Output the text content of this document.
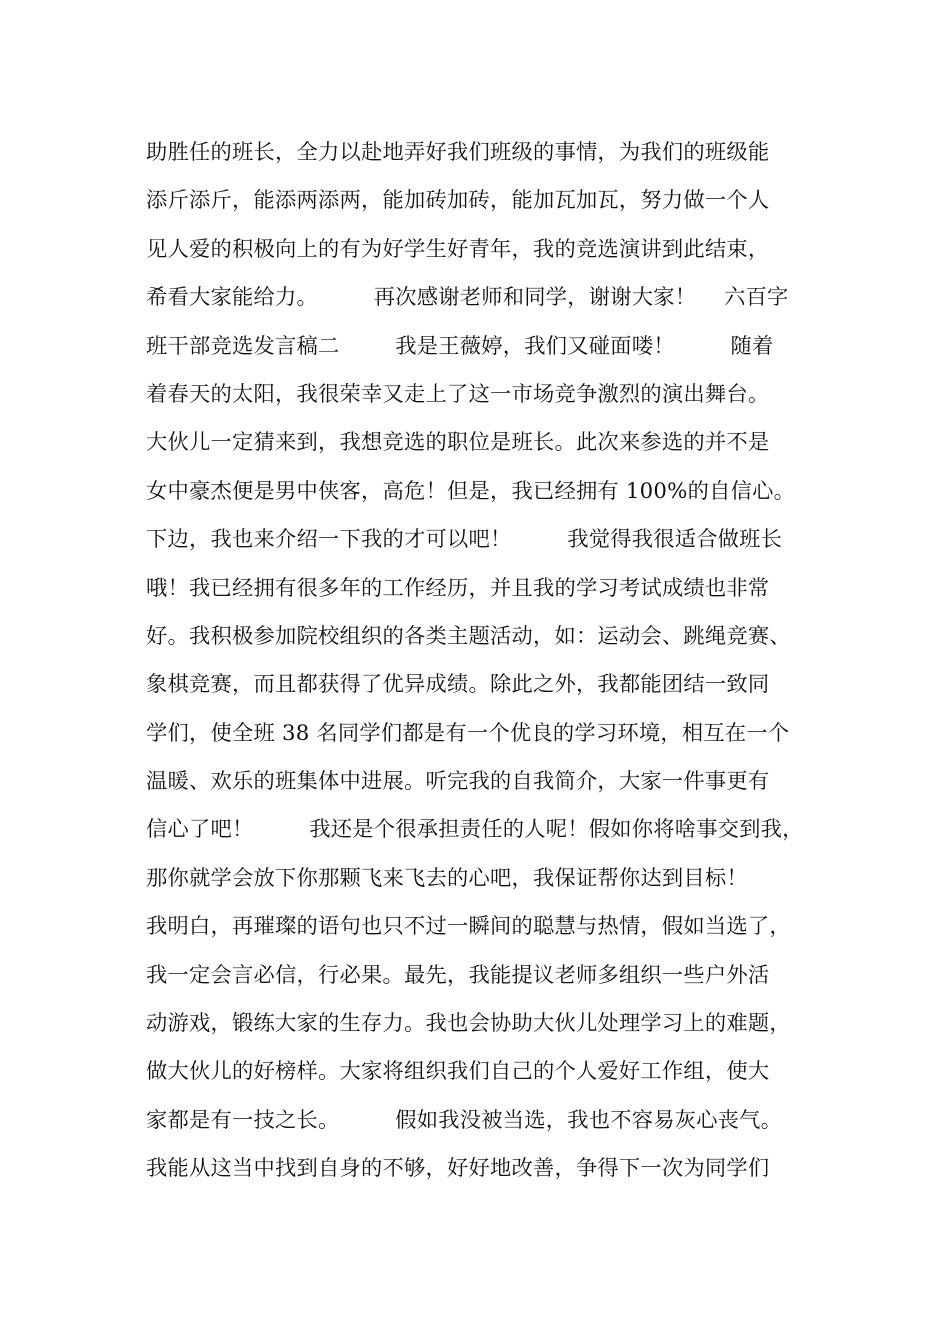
助胜任的班长，全力以赴地弄好我们班级的事情，为我们的班级能
添斤添斤，能添两添两，能加砖加砖，能加瓦加瓦，努力做一个人
见人爱的积极向上的有为好学生好青年，我的竞选演讲到此结束，
希看大家能给力。        再次感谢老师和同学，谢谢大家！    六百字
班干部竞选发言稿二        我是王薇婷，我们又碰面喽！        随着
着春天的太阳，我很荣幸又走上了这一市场竞争激烈的演出舞台。
大伙儿一定猜来到，我想竞选的职位是班长。此次来参选的并不是
女中豪杰便是男中侠客，高危！但是，我已经拥有 100%的自信心。
下边，我也来介绍一下我的才可以吧！        我觉得我很适合做班长
哦！我已经拥有很多年的工作经历，并且我的学习考试成绩也非常
好。我积极参加院校组织的各类主题活动，如：运动会、跳绳竞赛、
象棋竞赛，而且都获得了优异成绩。除此之外，我都能团结一致同
学们，使全班 38 名同学们都是有一个优良的学习环境，相互在一个
温暖、欢乐的班集体中进展。听完我的自我简介，大家一件事更有
信心了吧！        我还是个很承担责任的人呢！假如你将啥事交到我，
那你就学会放下你那颗飞来飞去的心吧，我保证帮你达到目标！
我明白，再璀璨的语句也只不过一瞬间的聪慧与热情，假如当选了，
我一定会言必信，行必果。最先，我能提议老师多组织一些户外活
动游戏，锻练大家的生存力。我也会协助大伙儿处理学习上的难题，
做大伙儿的好榜样。大家将组织我们自己的个人爱好工作组，使大
家都是有一技之长。        假如我没被当选，我也不容易灰心丧气。
我能从这当中找到自身的不够，好好地改善，争得下一次为同学们
